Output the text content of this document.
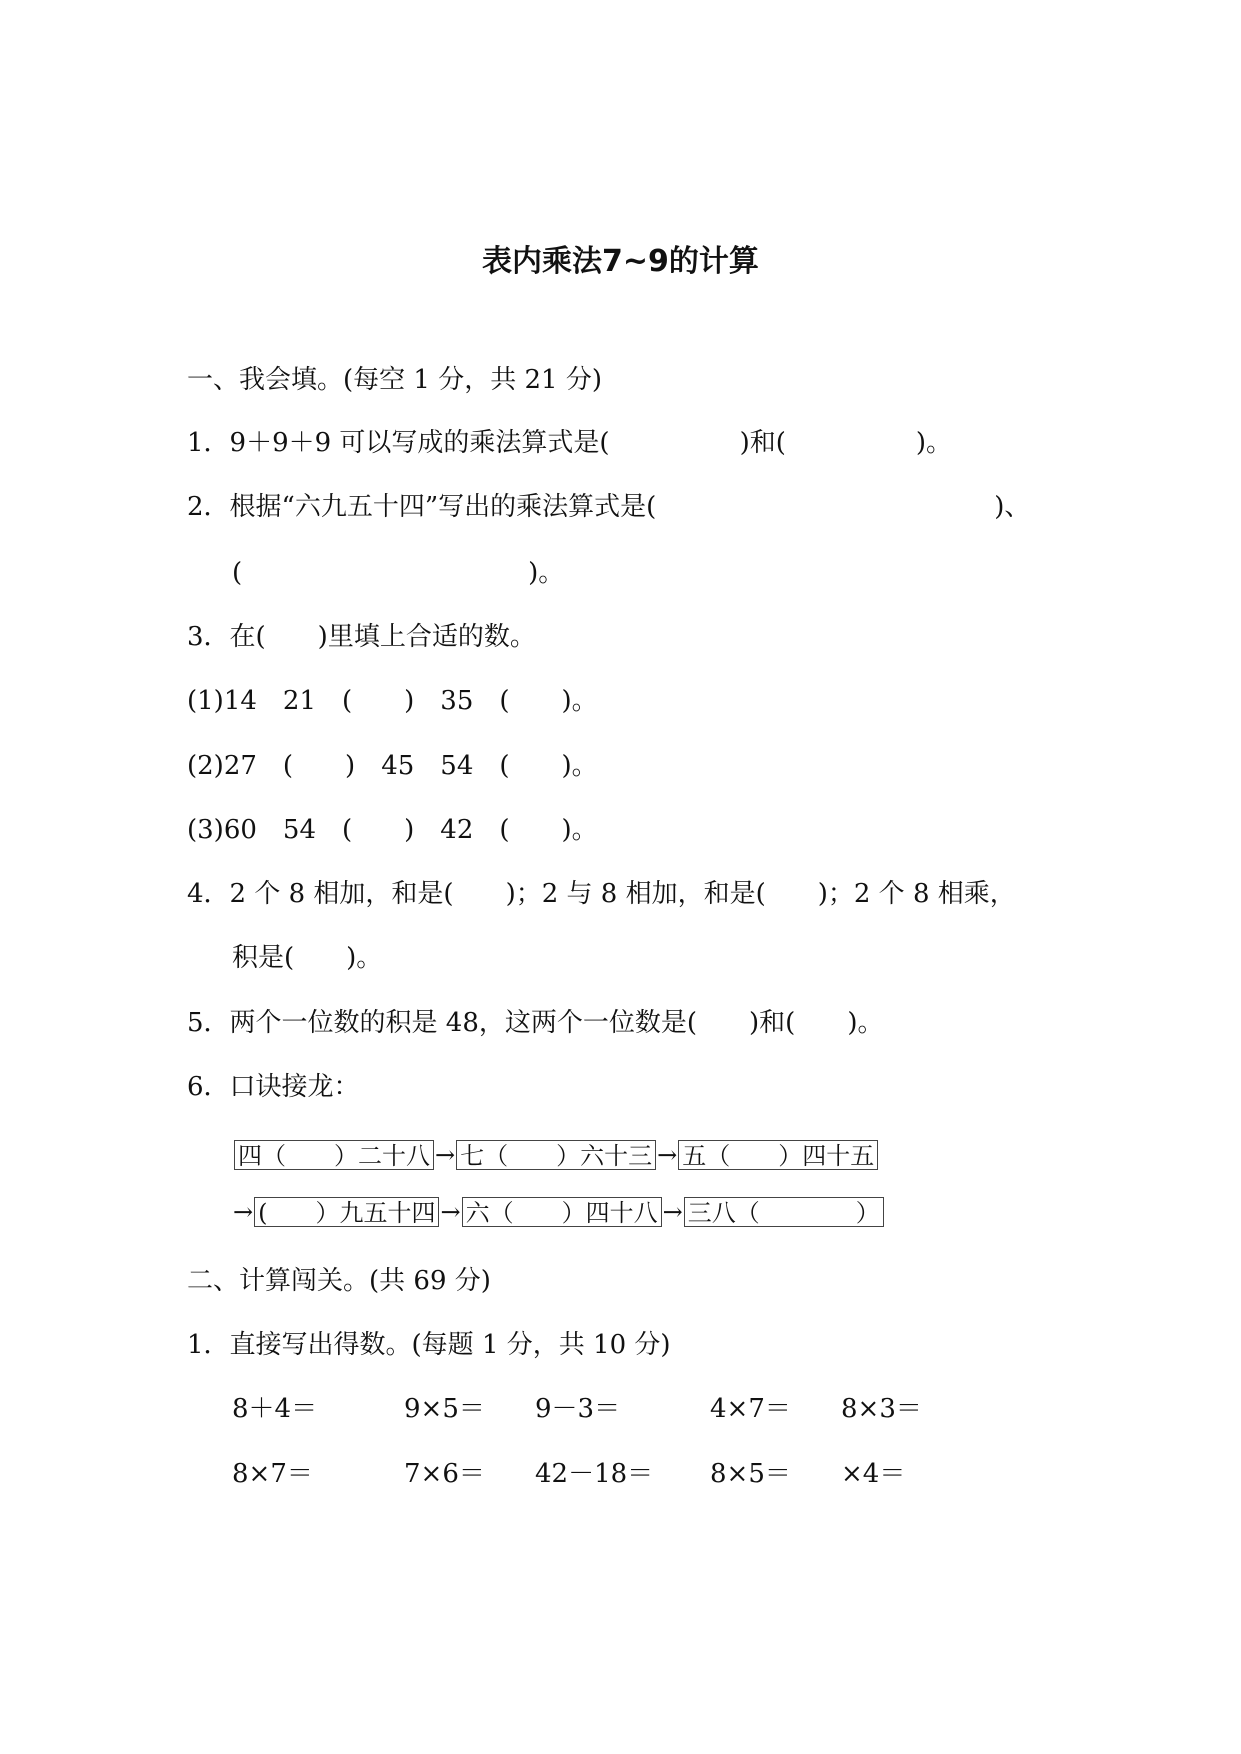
表内乘法7~9的计算
一、我会填。(每空 1 分，共 21 分)
1．9＋9＋9 可以写成的乘法算式是(　　　　　)和(　　　　　)。
2．根据“六九五十四”写出的乘法算式是(　　　　　　　　　　　　　)、
(　　　　　　　　　　　)。
3．在(　　)里填上合适的数。
(1)14　21　(　　)　35　(　　)。
(2)27　(　　)　45　54　(　　)。
(3)60　54　(　　)　42　(　　)。
4．2 个 8 相加，和是(　　)；2 与 8 相加，和是(　　)；2 个 8 相乘，
积是(　　)。
5．两个一位数的积是 48，这两个一位数是(　　)和(　　)。
6．口诀接龙：
四（　　）二十八 → 七（　　）六十三 → 五（　　）四十五
→ (　　）九五十四 → 六（　　）四十八 → 三八（　　　　）
二、计算闯关。(共 69 分)
1．直接写出得数。(每题 1 分，共 10 分)
8＋4＝	9×5＝ 9－3＝	4×7＝ 8×3＝
8×7＝	7×6＝ 42－18＝ 8×5＝ ×4＝
